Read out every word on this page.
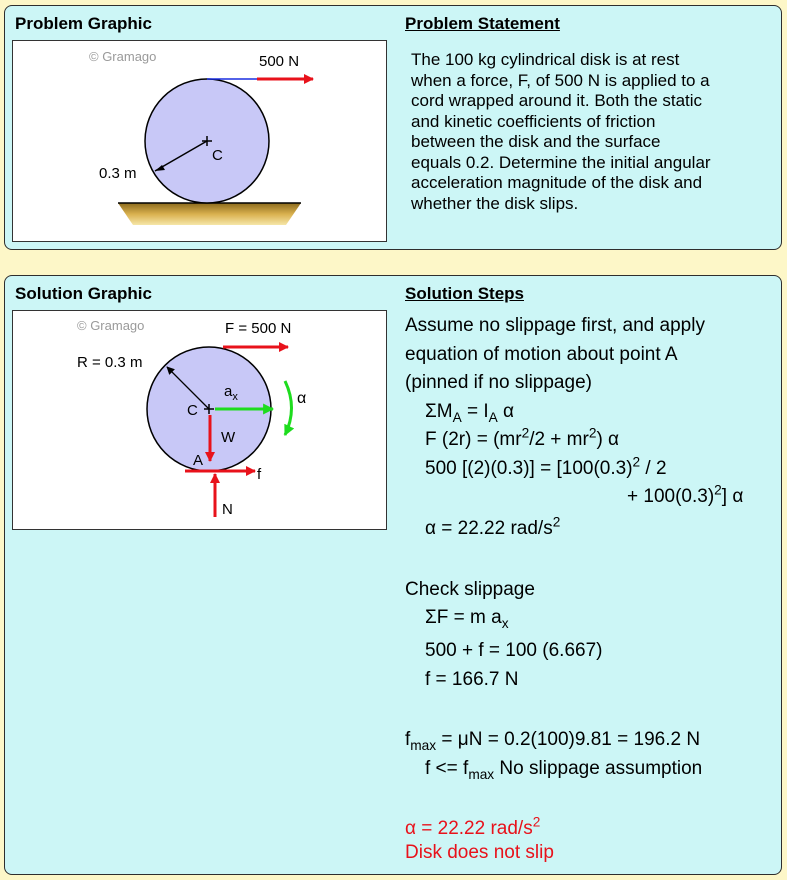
Problem Graphic	Problem Statement
© Gramago	500 N
C
0.3 m
The 100 kg cylindrical disk is at rest
when a force, F, of 500 N is applied to a
cord wrapped around it. Both the static
and kinetic coefficients of friction
between the disk and the surface
equals 0.2. Determine the initial angular
acceleration magnitude of the disk and
whether the disk slips.
Solution Graphic	Solution Steps
© Gramago
R = 0.3 m
F = 500 N
C
$a_x$	α
W
A
f
N
Assume no slippage first, and apply
equation of motion about point A
(pinned if no slippage)
$\Sigma M_A = I_A$ α
F $(2r) = (mr^2/2 + mr^2)$ α
500 $[(2)(0.3)] = [100(0.3)^2 / 2$
+ $100(0.3)^2$] α
α = 22.22 rad/$s^2$
Check slippage
ΣF = m $a_x$
500 + f = 100 (6.667)
f = 166.7 N
$f_{max} = \mu N = 0.2(100)9.81 = 196.2$ N
$f <= f_{max}$ No slippage assumption
α = 22.22 rad/$s^2$
Disk does not slip
